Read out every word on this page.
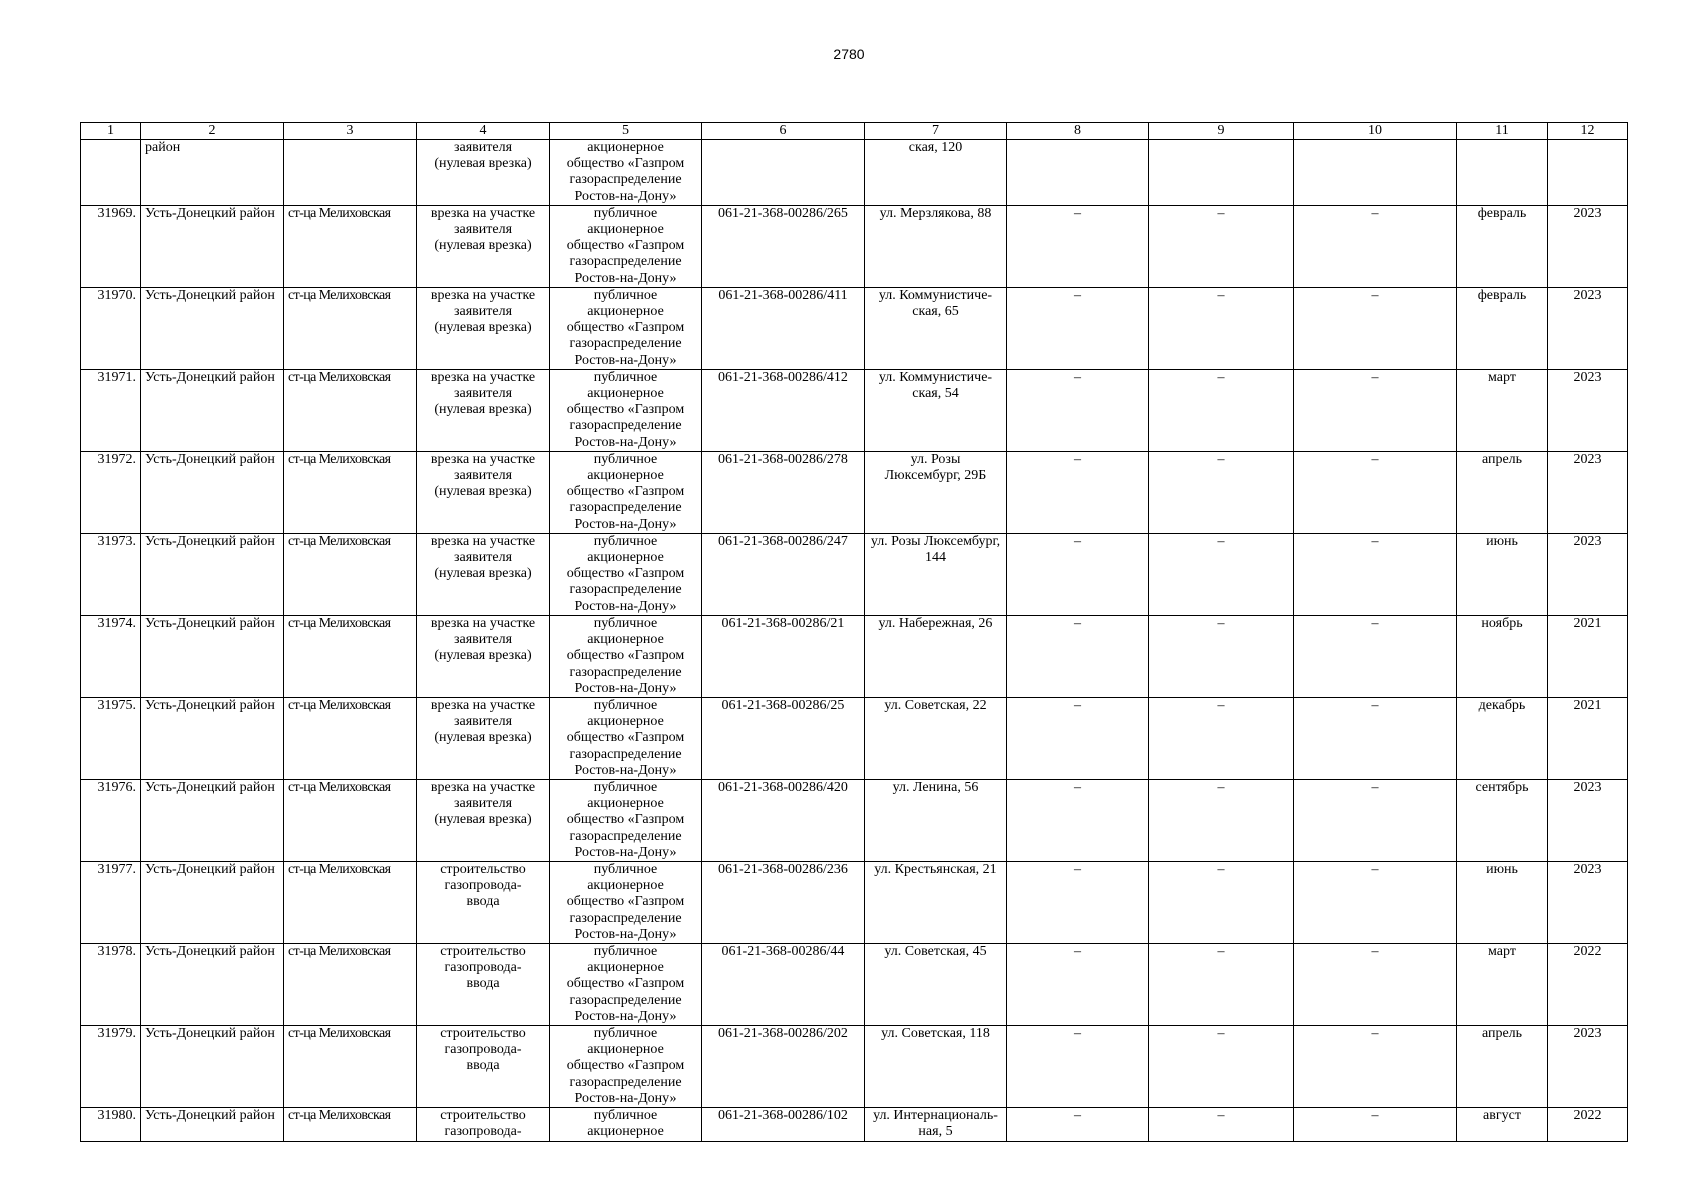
2780
1	2	3	4	5	6	7	8	9	10	11	12
	район		заявителя
(нулевая врезка)	акционерное
общество «Газпром
газораспределение
Ростов-на-Дону»		ская, 120					
31969.	Усть-Донецкий район	ст-ца Мелиховская	врезка на участке
заявителя
(нулевая врезка)	публичное
акционерное
общество «Газпром
газораспределение
Ростов-на-Дону»	061-21-368-00286/265	ул. Мерзлякова, 88	–	–	–	февраль	2023
31970.	Усть-Донецкий район	ст-ца Мелиховская	врезка на участке
заявителя
(нулевая врезка)	публичное
акционерное
общество «Газпром
газораспределение
Ростов-на-Дону»	061-21-368-00286/411	ул. Коммунистиче-
ская, 65	–	–	–	февраль	2023
31971.	Усть-Донецкий район	ст-ца Мелиховская	врезка на участке
заявителя
(нулевая врезка)	публичное
акционерное
общество «Газпром
газораспределение
Ростов-на-Дону»	061-21-368-00286/412	ул. Коммунистиче-
ская, 54	–	–	–	март	2023
31972.	Усть-Донецкий район	ст-ца Мелиховская	врезка на участке
заявителя
(нулевая врезка)	публичное
акционерное
общество «Газпром
газораспределение
Ростов-на-Дону»	061-21-368-00286/278	ул. Розы
Люксембург, 29Б	–	–	–	апрель	2023
31973.	Усть-Донецкий район	ст-ца Мелиховская	врезка на участке
заявителя
(нулевая врезка)	публичное
акционерное
общество «Газпром
газораспределение
Ростов-на-Дону»	061-21-368-00286/247	ул. Розы Люксембург,
144	–	–	–	июнь	2023
31974.	Усть-Донецкий район	ст-ца Мелиховская	врезка на участке
заявителя
(нулевая врезка)	публичное
акционерное
общество «Газпром
газораспределение
Ростов-на-Дону»	061-21-368-00286/21	ул. Набережная, 26	–	–	–	ноябрь	2021
31975.	Усть-Донецкий район	ст-ца Мелиховская	врезка на участке
заявителя
(нулевая врезка)	публичное
акционерное
общество «Газпром
газораспределение
Ростов-на-Дону»	061-21-368-00286/25	ул. Советская, 22	–	–	–	декабрь	2021
31976.	Усть-Донецкий район	ст-ца Мелиховская	врезка на участке
заявителя
(нулевая врезка)	публичное
акционерное
общество «Газпром
газораспределение
Ростов-на-Дону»	061-21-368-00286/420	ул. Ленина, 56	–	–	–	сентябрь	2023
31977.	Усть-Донецкий район	ст-ца Мелиховская	строительство
газопровода-
ввода	публичное
акционерное
общество «Газпром
газораспределение
Ростов-на-Дону»	061-21-368-00286/236	ул. Крестьянская, 21	–	–	–	июнь	2023
31978.	Усть-Донецкий район	ст-ца Мелиховская	строительство
газопровода-
ввода	публичное
акционерное
общество «Газпром
газораспределение
Ростов-на-Дону»	061-21-368-00286/44	ул. Советская, 45	–	–	–	март	2022
31979.	Усть-Донецкий район	ст-ца Мелиховская	строительство
газопровода-
ввода	публичное
акционерное
общество «Газпром
газораспределение
Ростов-на-Дону»	061-21-368-00286/202	ул. Советская, 118	–	–	–	апрель	2023
31980.	Усть-Донецкий район	ст-ца Мелиховская	строительство
газопровода-	публичное
акционерное	061-21-368-00286/102	ул. Интернациональ-
ная, 5	–	–	–	август	2022
